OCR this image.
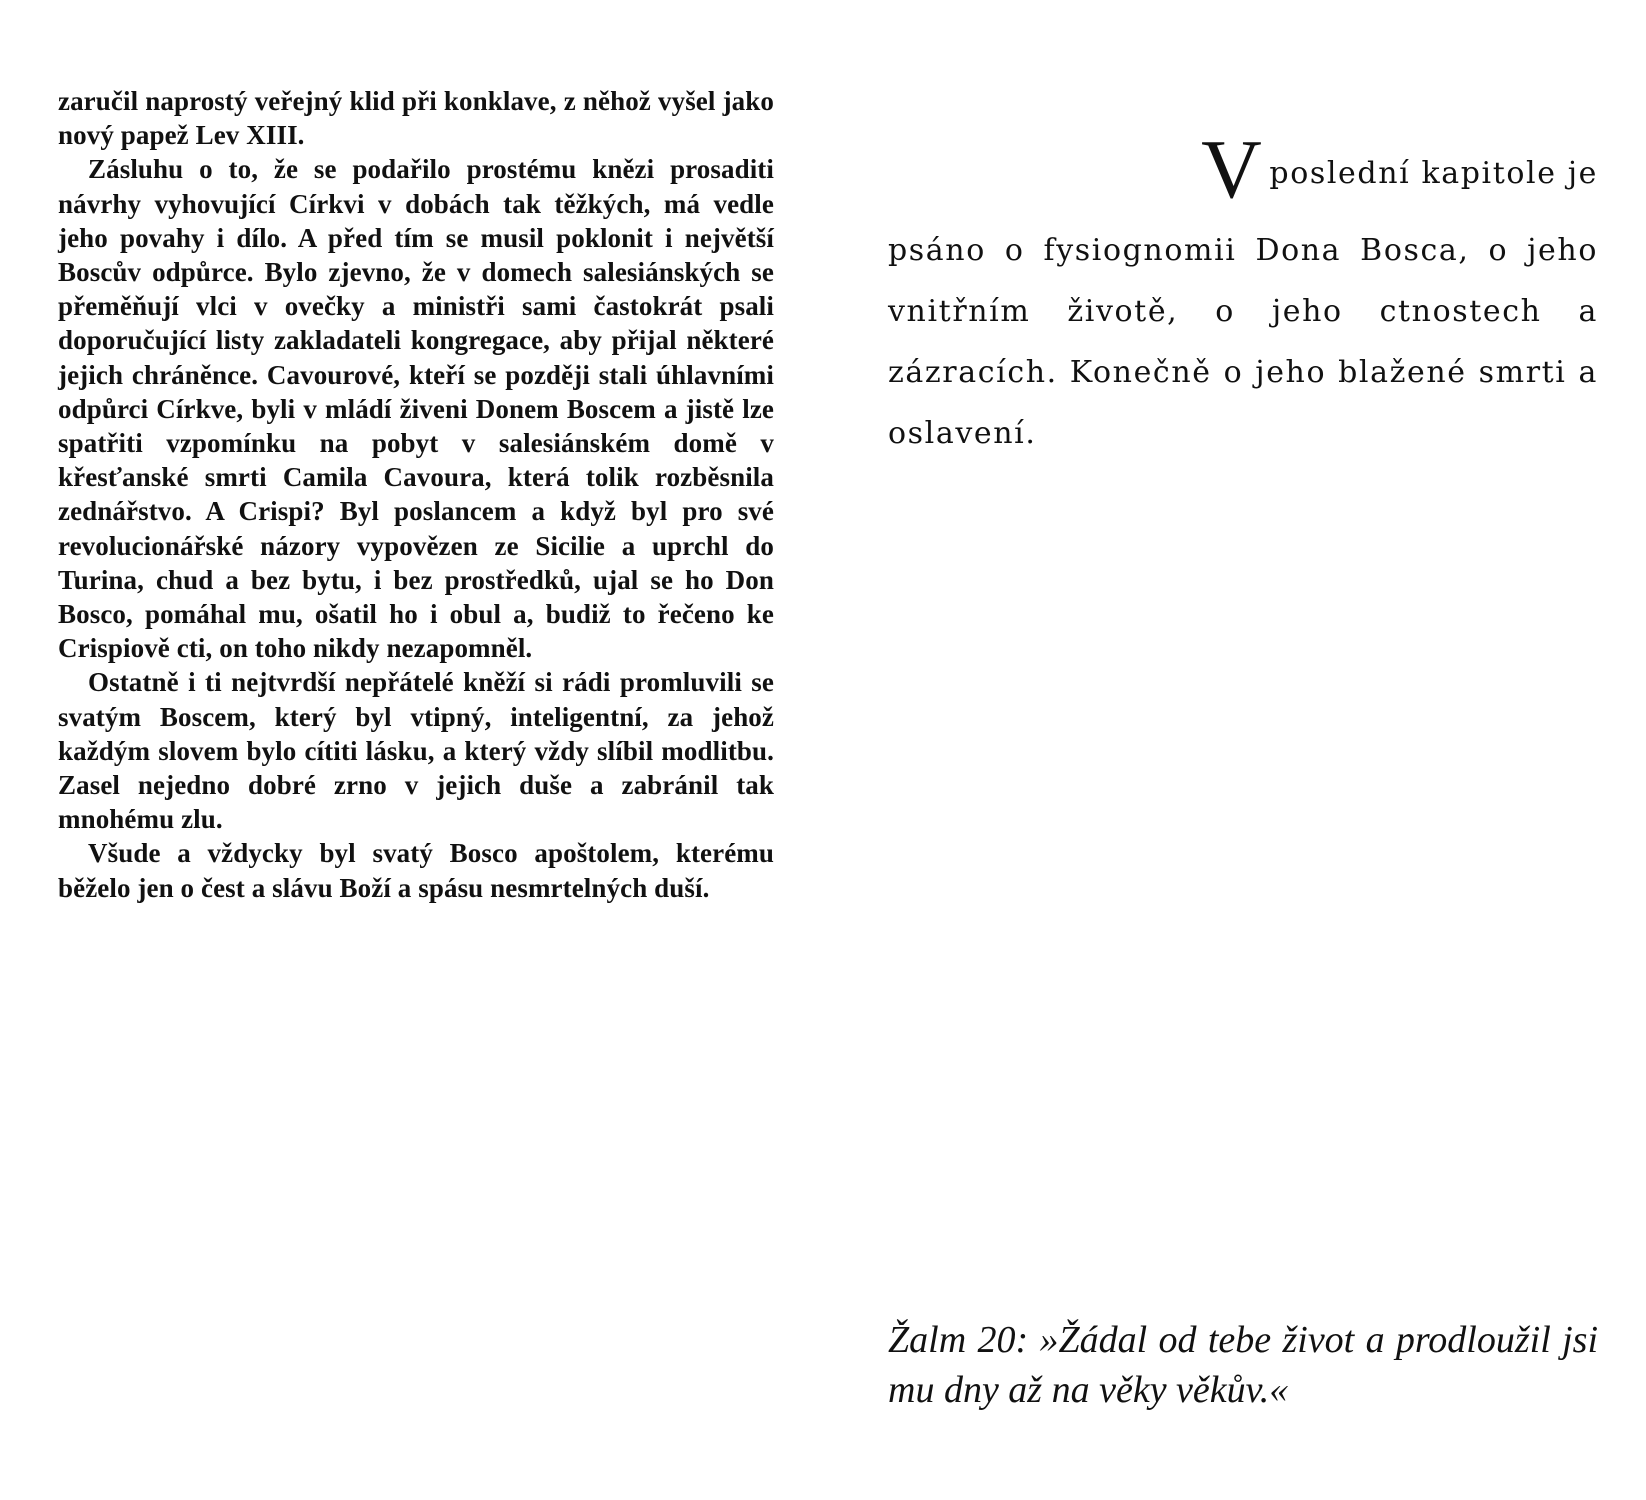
zaručil naprostý veřejný klid při konklave, z něhož vyšel jako nový papež Lev XIII.

Zásluhu o to, že se podařilo prostému knězi prosaditi návrhy vyhovující Církvi v dobách tak těžkých, má vedle jeho povahy i dílo. A před tím se musil poklonit i největší Boscův odpůrce. Bylo zjevno, že v domech salesiánských se přeměňují vlci v ovečky a ministři sami častokrát psali doporučující listy zakladateli kongregace, aby přijal některé jejich chráněnce. Cavourové, kteří se později stali úhlavními odpůrci Církve, byli v mládí živeni Donem Boscem a jistě lze spatřiti vzpomínku na pobyt v salesiánském domě v křesťanské smrti Camila Cavoura, která tolik rozběsnila zednářstvo. A Crispi? Byl poslancem a když byl pro své revolucionářské názory vypovězen ze Sicilie a uprchl do Turina, chud a bez bytu, i bez prostředků, ujal se ho Don Bosco, pomáhal mu, ošatil ho i obul a, budiž to řečeno ke Crispiově cti, on toho nikdy nezapomněl.

Ostatně i ti nejtvrdší nepřátelé kněží si rádi promluvili se svatým Boscem, který byl vtipný, inteligentní, za jehož každým slovem bylo cítiti lásku, a který vždy slíbil modlitbu. Zasel nejedno dobré zrno v jejich duše a zabránil tak mnohému zlu.

Všude a vždycky byl svatý Bosco apoštolem, kterému běželo jen o čest a slávu Boží a spásu nesmrtelných duší.

V poslední kapitole je
psáno o fysiognomii Dona Bosca, o jeho vnitřním životě, o jeho ctnostech a zázracích. Konečně o jeho blažené smrti a oslavení.

Žalm 20: »Žádal od tebe život a prodloužil jsi mu dny až na věky věkův.«
